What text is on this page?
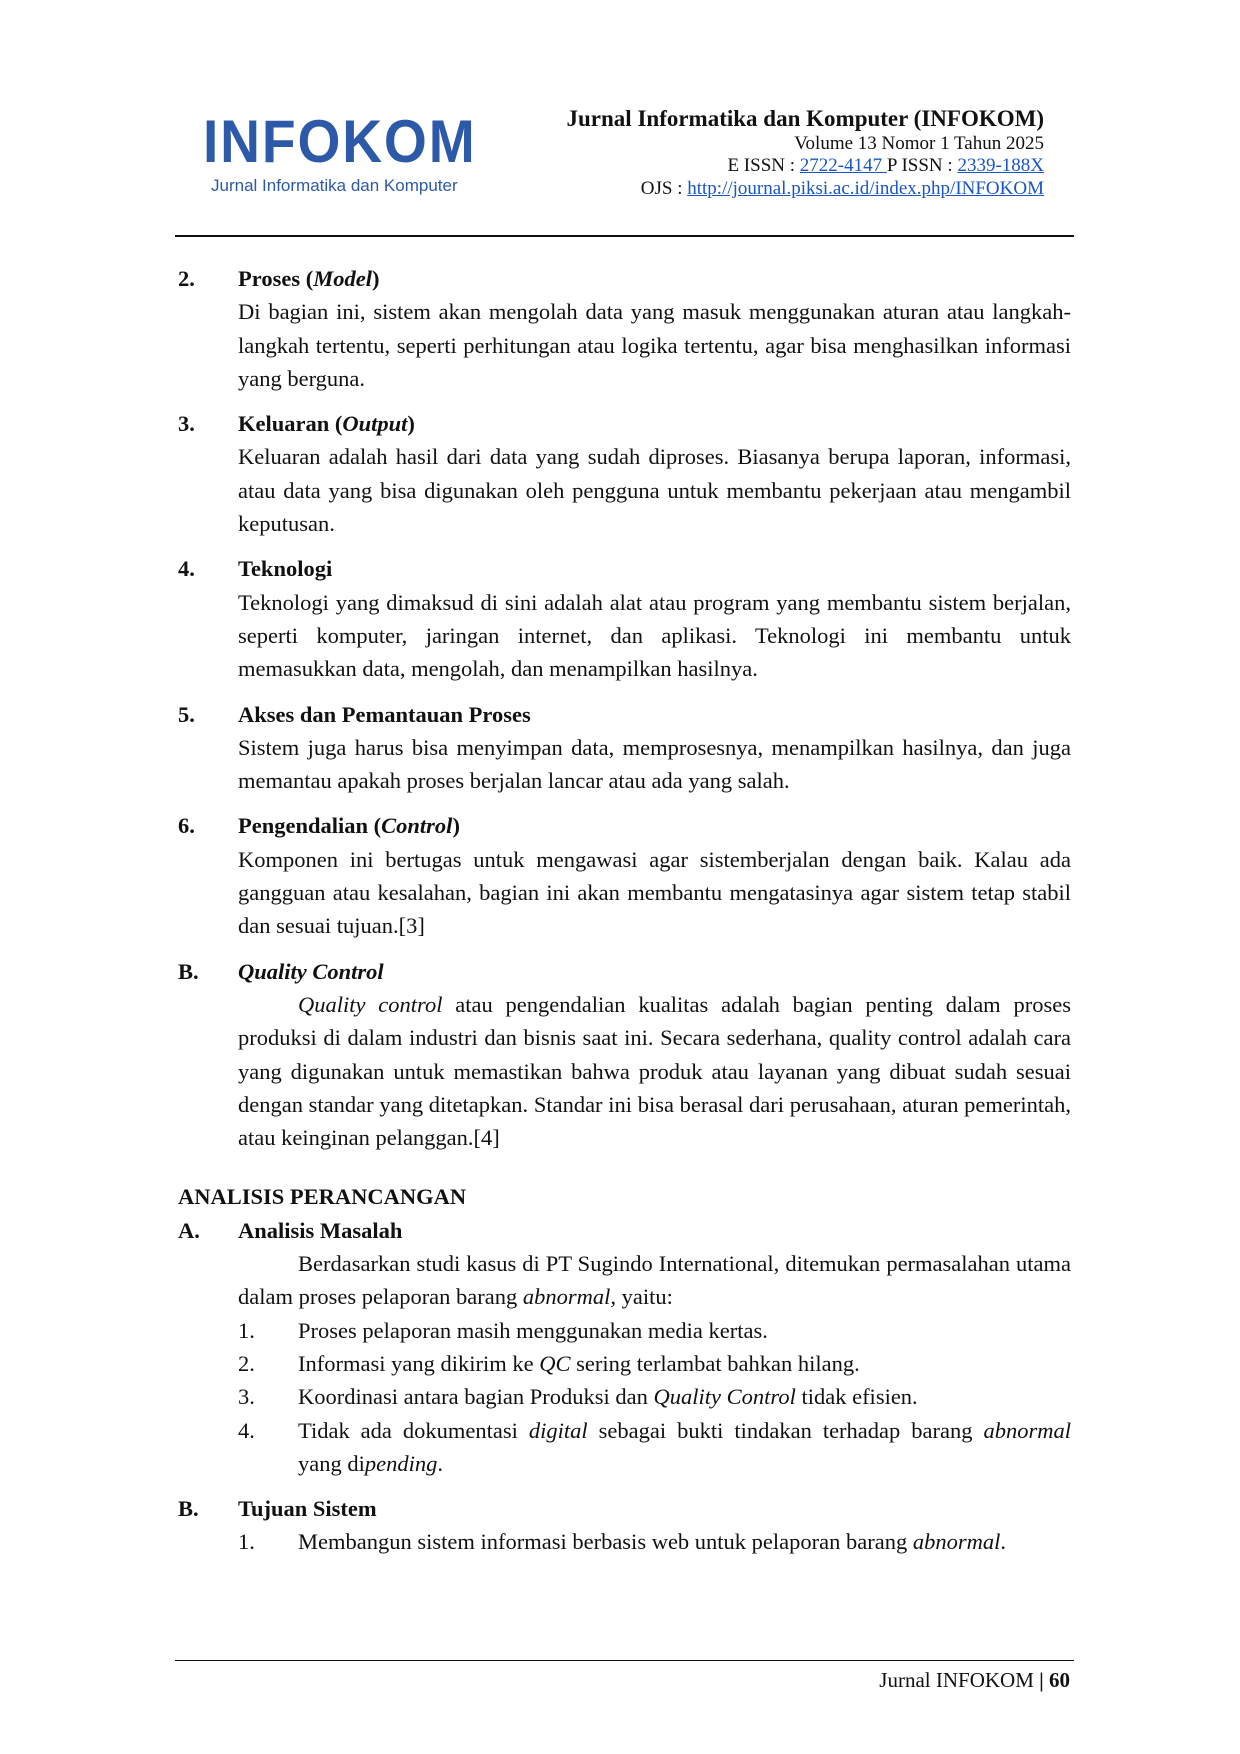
INFOKOM
Jurnal Informatika dan Komputer
Jurnal Informatika dan Komputer (INFOKOM)
Volume 13 Nomor 1 Tahun 2025
E ISSN : 2722-4147 P ISSN : 2339-188X
OJS : http://journal.piksi.ac.id/index.php/INFOKOM
2.	Proses (Model)
Di bagian ini, sistem akan mengolah data yang masuk menggunakan aturan atau langkah-langkah tertentu, seperti perhitungan atau logika tertentu, agar bisa menghasilkan informasi yang berguna.
3.	Keluaran (Output)
Keluaran adalah hasil dari data yang sudah diproses. Biasanya berupa laporan, informasi, atau data yang bisa digunakan oleh pengguna untuk membantu pekerjaan atau mengambil keputusan.
4.	Teknologi
Teknologi yang dimaksud di sini adalah alat atau program yang membantu sistem berjalan, seperti komputer, jaringan internet, dan aplikasi. Teknologi ini membantu untuk memasukkan data, mengolah, dan menampilkan hasilnya.
5.	Akses dan Pemantauan Proses
Sistem juga harus bisa menyimpan data, memprosesnya, menampilkan hasilnya, dan juga memantau apakah proses berjalan lancar atau ada yang salah.
6.	Pengendalian (Control)
Komponen ini bertugas untuk mengawasi agar sistemberjalan dengan baik. Kalau ada gangguan atau kesalahan, bagian ini akan membantu mengatasinya agar sistem tetap stabil dan sesuai tujuan.[3]
B.	Quality Control
Quality control atau pengendalian kualitas adalah bagian penting dalam proses produksi di dalam industri dan bisnis saat ini. Secara sederhana, quality control adalah cara yang digunakan untuk memastikan bahwa produk atau layanan yang dibuat sudah sesuai dengan standar yang ditetapkan. Standar ini bisa berasal dari perusahaan, aturan pemerintah, atau keinginan pelanggan.[4]
ANALISIS PERANCANGAN
A.	Analisis Masalah
Berdasarkan studi kasus di PT Sugindo International, ditemukan permasalahan utama dalam proses pelaporan barang abnormal, yaitu:
1.	Proses pelaporan masih menggunakan media kertas.
2.	Informasi yang dikirim ke QC sering terlambat bahkan hilang.
3.	Koordinasi antara bagian Produksi dan Quality Control tidak efisien.
4.	Tidak ada dokumentasi digital sebagai bukti tindakan terhadap barang abnormal yang dipending.
B.	Tujuan Sistem
1.	Membangun sistem informasi berbasis web untuk pelaporan barang abnormal.
Jurnal INFOKOM | 60
